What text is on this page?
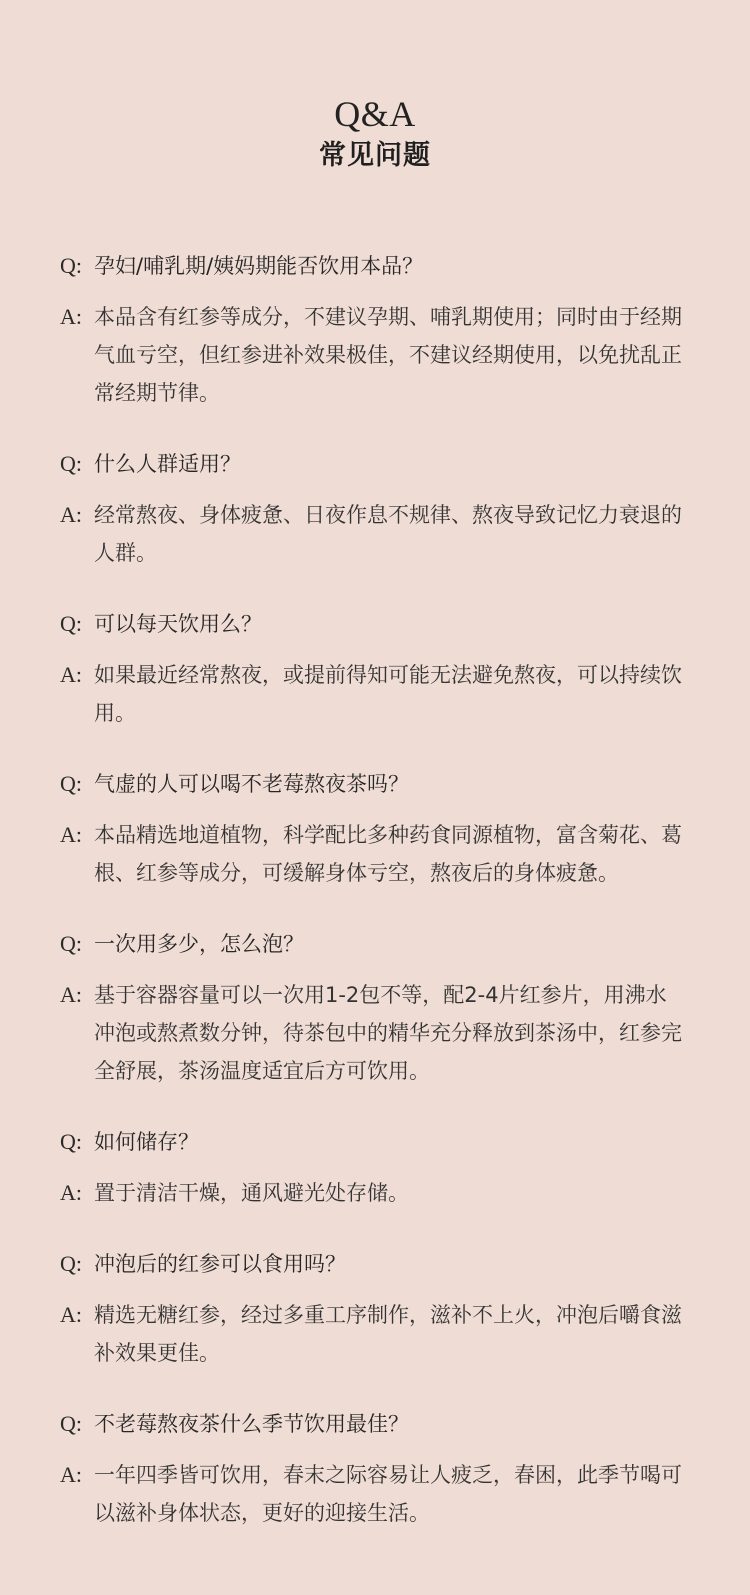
Q&A
常见问题
Q: 孕妇/哺乳期/姨妈期能否饮用本品？
A: 本品含有红参等成分，不建议孕期、哺乳期使用；同时由于经期气血亏空，但红参进补效果极佳，不建议经期使用，以免扰乱正常经期节律。
Q: 什么人群适用？
A: 经常熬夜、身体疲惫、日夜作息不规律、熬夜导致记忆力衰退的人群。
Q: 可以每天饮用么？
A: 如果最近经常熬夜，或提前得知可能无法避免熬夜，可以持续饮用。
Q: 气虚的人可以喝不老莓熬夜茶吗？
A: 本品精选地道植物，科学配比多种药食同源植物，富含菊花、葛根、红参等成分，可缓解身体亏空，熬夜后的身体疲惫。
Q: 一次用多少，怎么泡？
A: 基于容器容量可以一次用1-2包不等，配2-4片红参片，用沸水冲泡或熬煮数分钟，待茶包中的精华充分释放到茶汤中，红参完全舒展，茶汤温度适宜后方可饮用。
Q: 如何储存？
A: 置于清洁干燥，通风避光处存储。
Q: 冲泡后的红参可以食用吗？
A: 精选无糖红参，经过多重工序制作，滋补不上火，冲泡后嚼食滋补效果更佳。
Q: 不老莓熬夜茶什么季节饮用最佳？
A: 一年四季皆可饮用，春末之际容易让人疲乏，春困，此季节喝可以滋补身体状态，更好的迎接生活。
